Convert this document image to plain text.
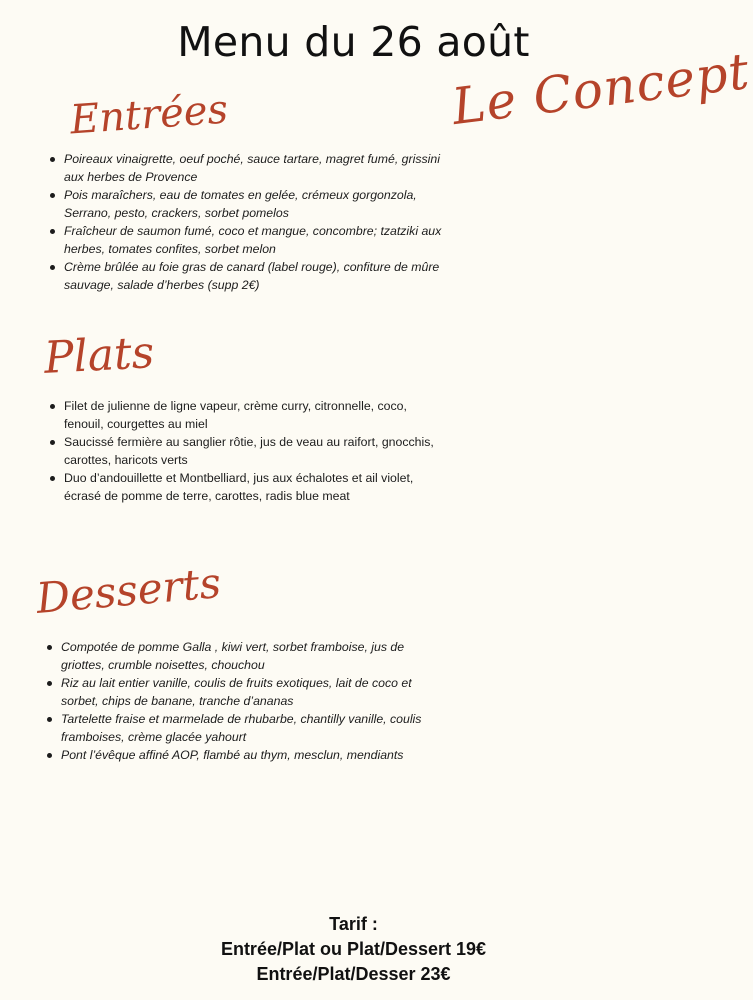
Menu du 26 août
Le Concept
Entrées
Poireaux vinaigrette, oeuf poché, sauce tartare, magret fumé, grissini aux herbes de Provence
Pois maraîchers, eau de tomates en gelée, crémeux gorgonzola, Serrano, pesto, crackers, sorbet pomelos
Fraîcheur de saumon fumé, coco et mangue, concombre; tzatziki aux herbes, tomates confites, sorbet melon
Crème brûlée au foie gras de canard (label rouge), confiture de mûre sauvage, salade d’herbes (supp 2€)
Plats
Filet de julienne de ligne vapeur, crème curry, citronnelle, coco, fenouil, courgettes au miel
Saucissé fermière au sanglier rôtie, jus de veau au raifort, gnocchis, carottes, haricots verts
Duo d’andouillette et Montbelliard, jus aux échalotes et ail violet, écrasé de pomme de terre, carottes, radis blue meat
Desserts
Compotée de pomme Galla , kiwi vert, sorbet framboise, jus de griottes, crumble noisettes, chouchou
Riz au lait entier vanille, coulis de fruits exotiques, lait de coco et sorbet, chips de banane, tranche d’ananas
Tartelette fraise et marmelade de rhubarbe, chantilly vanille, coulis framboises, crème glacée yahourt
Pont l’évêque affiné AOP, flambé au thym, mesclun, mendiants
Tarif :
Entrée/Plat ou Plat/Dessert 19€
Entrée/Plat/Desser 23€
